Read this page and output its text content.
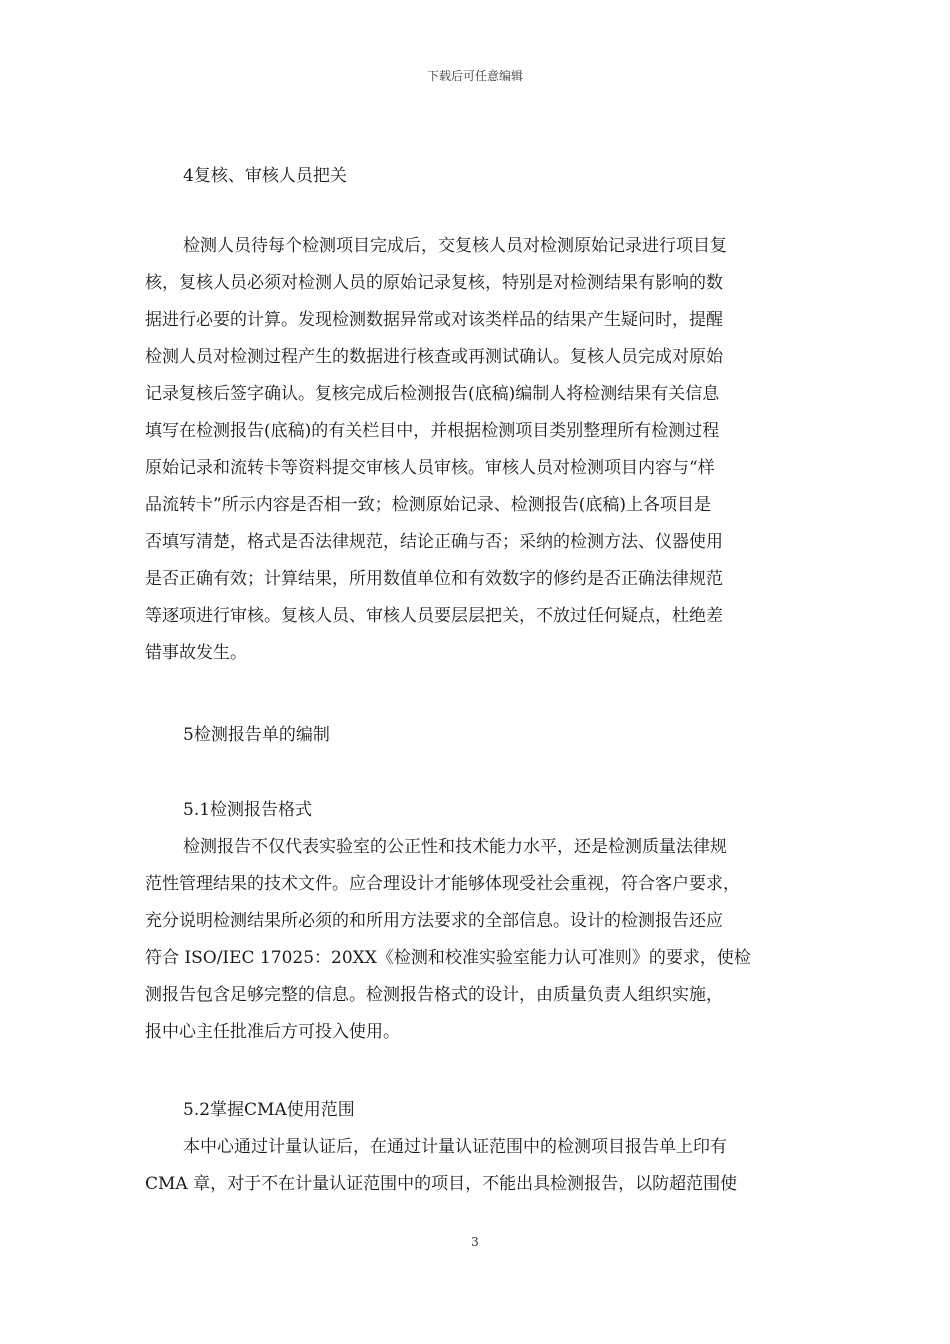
下载后可任意编辑
4复核、审核人员把关
检测人员待每个检测项目完成后，交复核人员对检测原始记录进行项目复
核，复核人员必须对检测人员的原始记录复核，特别是对检测结果有影响的数
据进行必要的计算。发现检测数据异常或对该类样品的结果产生疑问时，提醒
检测人员对检测过程产生的数据进行核查或再测试确认。复核人员完成对原始
记录复核后签字确认。复核完成后检测报告(底稿)编制人将检测结果有关信息
填写在检测报告(底稿)的有关栏目中，并根据检测项目类别整理所有检测过程
原始记录和流转卡等资料提交审核人员审核。审核人员对检测项目内容与“样
品流转卡”所示内容是否相一致；检测原始记录、检测报告(底稿)上各项目是
否填写清楚，格式是否法律规范，结论正确与否；采纳的检测方法、仪器使用
是否正确有效；计算结果，所用数值单位和有效数字的修约是否正确法律规范
等逐项进行审核。复核人员、审核人员要层层把关，不放过任何疑点，杜绝差
错事故发生。
5检测报告单的编制
5.1检测报告格式
检测报告不仅代表实验室的公正性和技术能力水平，还是检测质量法律规
范性管理结果的技术文件。应合理设计才能够体现受社会重视，符合客户要求，
充分说明检测结果所必须的和所用方法要求的全部信息。设计的检测报告还应
符合 ISO/IEC 17025：20XX《检测和校准实验室能力认可准则》的要求，使检
测报告包含足够完整的信息。检测报告格式的设计，由质量负责人组织实施，
报中心主任批准后方可投入使用。
5.2掌握CMA使用范围
本中心通过计量认证后，在通过计量认证范围中的检测项目报告单上印有
CMA 章，对于不在计量认证范围中的项目，不能出具检测报告，以防超范围使
3
